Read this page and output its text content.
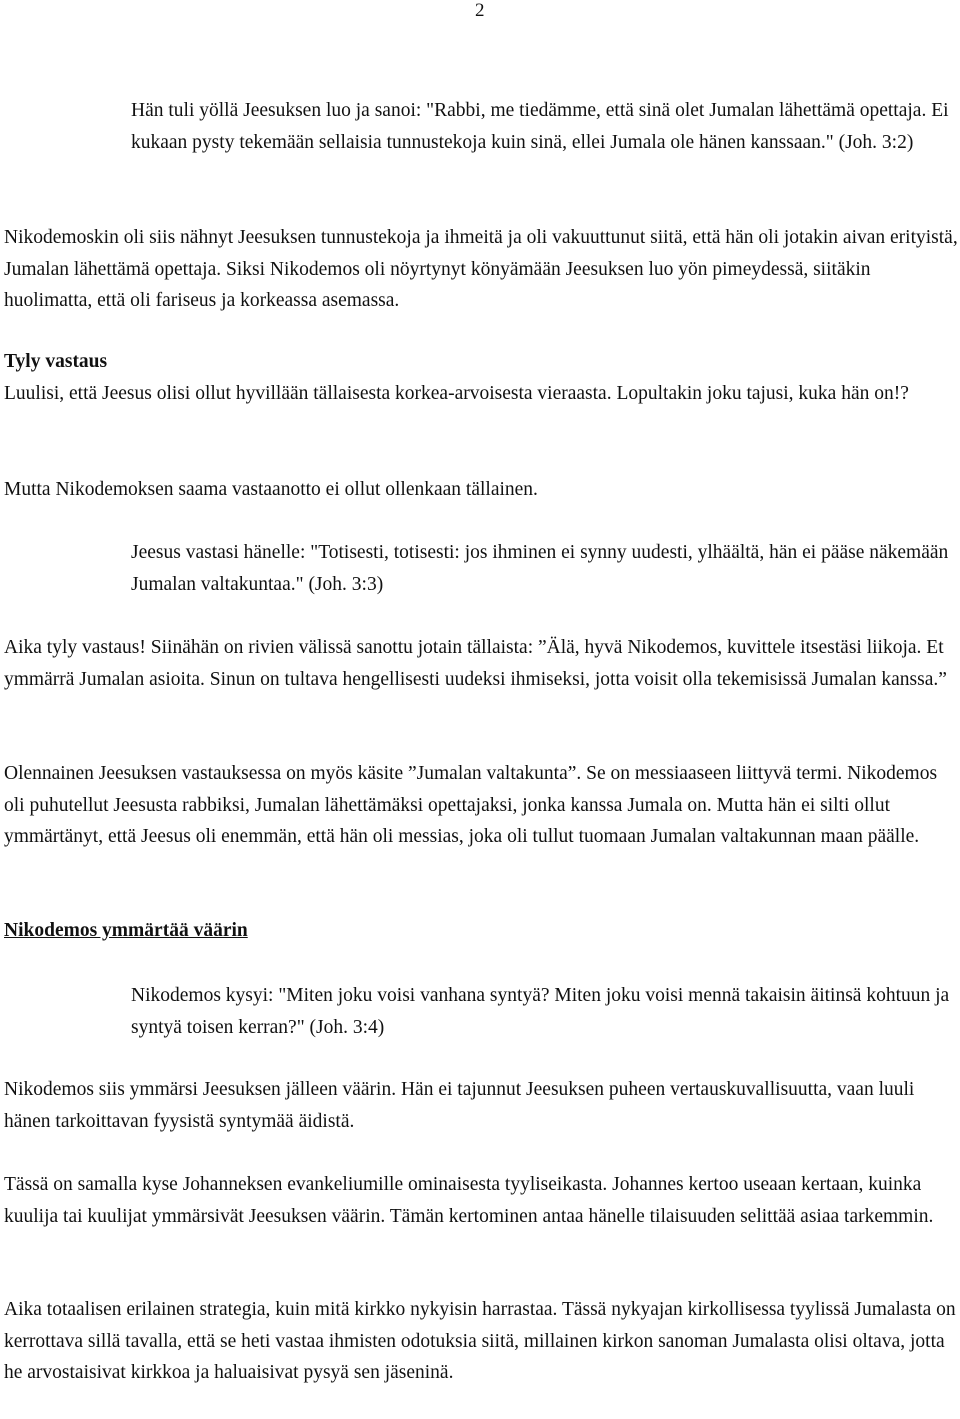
2

Hän tuli yöllä Jeesuksen luo ja sanoi: "Rabbi, me tiedämme, että sinä olet Jumalan lähettämä opettaja. Ei kukaan pysty tekemään sellaisia tunnustekoja kuin sinä, ellei Jumala ole hänen kanssaan." (Joh. 3:2)

Nikodemoskin oli siis nähnyt Jeesuksen tunnustekoja ja ihmeitä ja oli vakuuttunut siitä, että hän oli jotakin aivan erityistä, Jumalan lähettämä opettaja. Siksi Nikodemos oli nöyrtynyt könyämään Jeesuksen luo yön pimeydessä, siitäkin huolimatta, että oli fariseus ja korkeassa asemassa.

Tyly vastaus

Luulisi, että Jeesus olisi ollut hyvillään tällaisesta korkea-arvoisesta vieraasta. Lopultakin joku tajusi, kuka hän on!?

Mutta Nikodemoksen saama vastaanotto ei ollut ollenkaan tällainen.

Jeesus vastasi hänelle: "Totisesti, totisesti: jos ihminen ei synny uudesti, ylhäältä, hän ei pääse näkemään Jumalan valtakuntaa." (Joh. 3:3)

Aika tyly vastaus! Siinähän on rivien välissä sanottu jotain tällaista: ”Älä, hyvä Nikodemos, kuvittele itsestäsi liikoja. Et ymmärrä Jumalan asioita. Sinun on tultava hengellisesti uudeksi ihmiseksi, jotta voisit olla tekemisissä Jumalan kanssa.”

Olennainen Jeesuksen vastauksessa on myös käsite ”Jumalan valtakunta”. Se on messiaaseen liittyvä termi. Nikodemos oli puhutellut Jeesusta rabbiksi, Jumalan lähettämäksi opettajaksi, jonka kanssa Jumala on. Mutta hän ei silti ollut ymmärtänyt, että Jeesus oli enemmän, että hän oli messias, joka oli tullut tuomaan Jumalan valtakunnan maan päälle.

Nikodemos ymmärtää väärin

Nikodemos kysyi: "Miten joku voisi vanhana syntyä? Miten joku voisi mennä takaisin äitinsä kohtuun ja syntyä toisen kerran?" (Joh. 3:4)

Nikodemos siis ymmärsi Jeesuksen jälleen väärin. Hän ei tajunnut Jeesuksen puheen vertauskuvallisuutta, vaan luuli hänen tarkoittavan fyysistä syntymää äidistä.

Tässä on samalla kyse Johanneksen evankeliumille ominaisesta tyyliseikasta. Johannes kertoo useaan kertaan, kuinka kuulija tai kuulijat ymmärsivät Jeesuksen väärin. Tämän kertominen antaa hänelle tilaisuuden selittää asiaa tarkemmin.

Aika totaalisen erilainen strategia, kuin mitä kirkko nykyisin harrastaa. Tässä nykyajan kirkollisessa tyylissä Jumalasta on kerrottava sillä tavalla, että se heti vastaa ihmisten odotuksia siitä, millainen kirkon sanoman Jumalasta olisi oltava, jotta he arvostaisivat kirkkoa ja haluaisivat pysyä sen jäseninä.
